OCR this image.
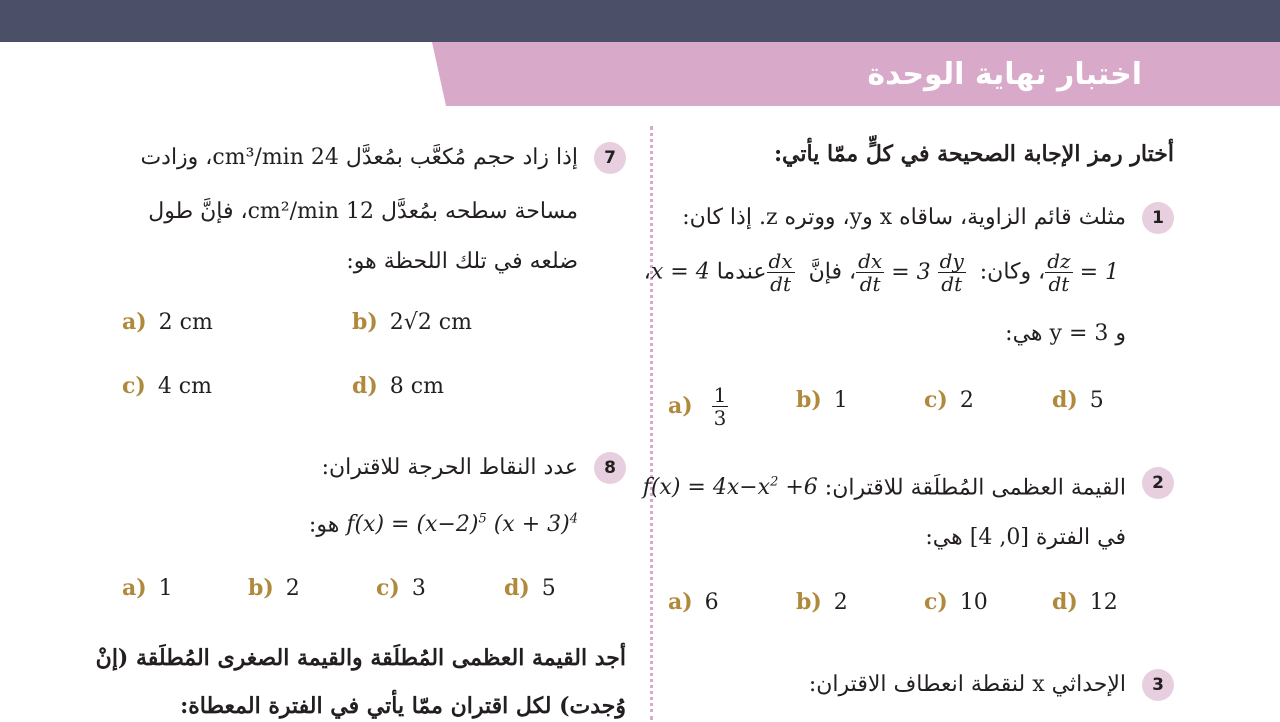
اختبار نهاية الوحدة
أختار رمز الإجابة الصحيحة في كلٍّ ممّا يأتي:
1
مثلث قائم الزاوية، ساقاه x وy، ووتره z. إذا كان:
$\frac{dz}{dt} = 1$ ، وكان:
$\frac{dx}{dt} = 3 \frac{dy}{dt}$
، فإنَّ
$\frac{dx}{dt}$
عندما x = 4،
و y = 3 هي:
$a) \frac{1}{3}$	b) 1	c) 2	d) 5
2
القيمة العظمى المُطلَقة للاقتران: $f(x) = 4x-x^2 +6$
في الفترة [0, 4] هي:
a) 6	b) 2	c) 10	d) 12
3
الإحداثي x لنقطة انعطاف الاقتران:
7
إذا زاد حجم مُكعَّب بمُعدَّل 24 cm³/min، وزادت
مساحة سطحه بمُعدَّل 12 cm²/min، فإنَّ طول
ضلعه في تلك اللحظة هو:
a) 2 cm	b) 2√2 cm
c) 4 cm	d) 8 cm
8
عدد النقاط الحرجة للاقتران:
$f(x) = (x-2)^5$ $(x + 3)^4$ هو:
a) 1	b) 2	c) 3	d) 5
أجد القيمة العظمى المُطلَقة والقيمة الصغرى المُطلَقة (إنْ
وُجدت) لكل اقتران ممّا يأتي في الفترة المعطاة:
